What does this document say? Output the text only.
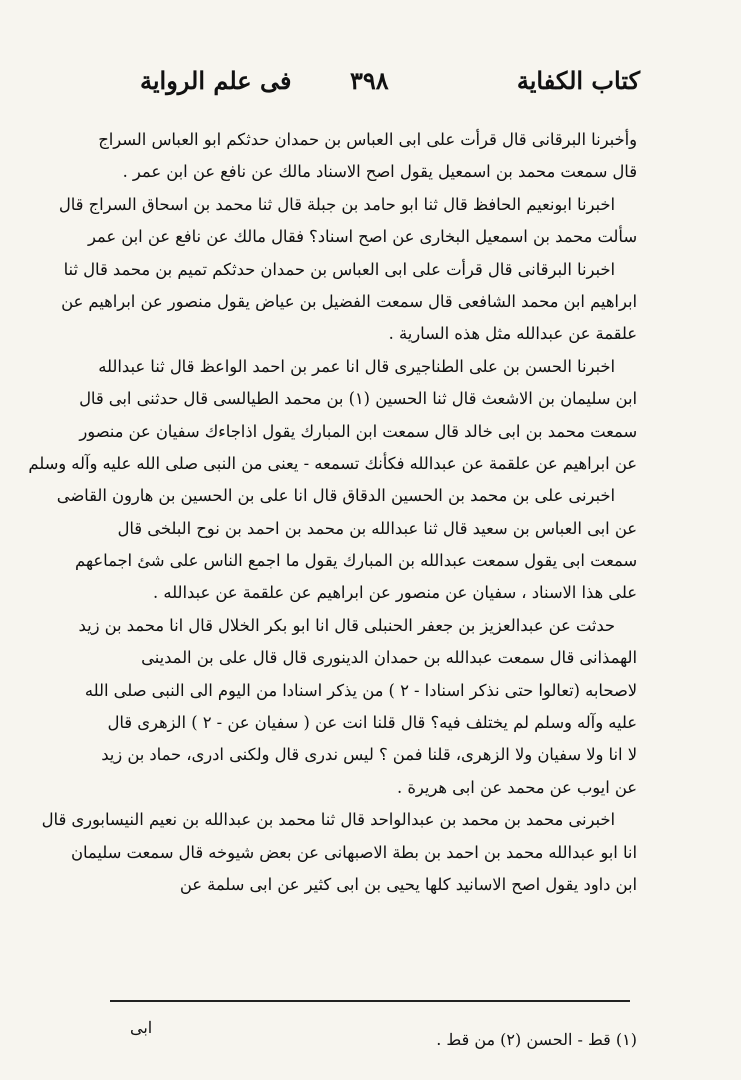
كتاب الكفاية
٣٩٨
فى علم الرواية
وأخبرنا البرقانى قال قرأت على ابى العباس بن حمدان حدثكم ابو العباس السراج
قال سمعت محمد بن اسمعيل يقول اصح الاسناد مالك عن نافع عن ابن عمر .
اخبرنا ابونعيم الحافظ قال ثنا ابو حامد بن جبلة قال ثنا محمد بن اسحاق السراج قال
سألت محمد بن اسمعيل البخارى عن اصح اسناد؟ فقال مالك عن نافع عن ابن عمر
اخبرنا البرقانى قال قرأت على ابى العباس بن حمدان حدثكم تميم بن محمد قال ثنا
ابراهيم ابن محمد الشافعى قال سمعت الفضيل بن عياض يقول منصور عن ابراهيم عن
علقمة عن عبدالله مثل هذه السارية .
اخبرنا الحسن بن على الطناجيرى قال انا عمر بن احمد الواعظ قال ثنا عبدالله
ابن سليمان بن الاشعث قال ثنا الحسين (١) بن محمد الطيالسى قال حدثنى ابى قال
سمعت محمد بن ابى خالد قال سمعت ابن المبارك يقول اذاجاءك سفيان عن منصور
عن ابراهيم عن علقمة عن عبدالله فكأنك تسمعه - يعنى من النبى صلى الله عليه وآله وسلم
اخبرنى على بن محمد بن الحسين الدقاق قال انا على بن الحسين بن هارون القاضى
عن ابى العباس بن سعيد قال ثنا عبدالله بن محمد بن احمد بن نوح البلخى قال
سمعت ابى يقول سمعت عبدالله بن المبارك يقول ما اجمع الناس على شئ اجماعهم
على هذا الاسناد ، سفيان عن منصور عن ابراهيم عن علقمة عن عبدالله .
حدثت عن عبدالعزيز بن جعفر الحنبلى قال انا ابو بكر الخلال قال انا محمد بن زيد
الهمذانى قال سمعت عبدالله بن حمدان الدينورى قال قال على بن المدينى
لاصحابه (تعالوا حتى نذكر اسنادا - ٢ ) من يذكر اسنادا من اليوم الى النبى صلى الله
عليه وآله وسلم لم يختلف فيه؟ قال قلنا انت عن ( سفيان عن - ٢ ) الزهرى قال
لا انا ولا سفيان ولا الزهرى، قلنا فمن ؟ ليس ندرى قال ولكنى ادرى، حماد بن زيد
عن ايوب عن محمد عن ابى هريرة .
اخبرنى محمد بن محمد بن عبدالواحد قال ثنا محمد بن عبدالله بن نعيم النيسابورى قال
انا ابو عبدالله محمد بن احمد بن بطة الاصبهانى عن بعض شيوخه قال سمعت سليمان
ابن داود يقول اصح الاسانيد كلها يحيى بن ابى كثير عن ابى سلمة عن
ابى
(١) قط - الحسن (٢) من قط .
